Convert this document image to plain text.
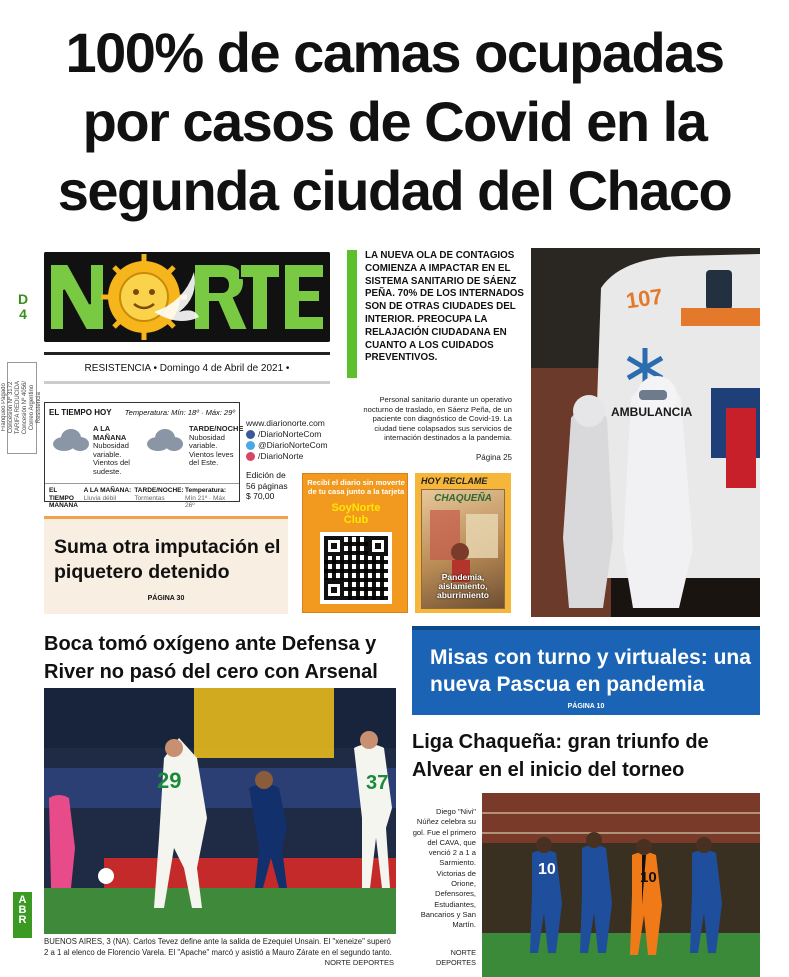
100% de camas ocupadas por casos de Covid en la segunda ciudad del Chaco
D
4
Franqueo Pagado
Concesión Nº 3172
TARIFA REDUCIDA
Concesión Nº 4056/
Correo Argentino
Resistencia
RESISTENCIA • Domingo 4 de Abril de 2021 •
EL TIEMPO HOY Temperatura: Mín: 18º · Máx: 29º
A LA MAÑANA
Nubosidad variable. Vientos del sudeste.
TARDE/NOCHE
Nubosidad variable. Vientos leves del Este.
EL TIEMPO MAÑANA
A LA MAÑANA:
Lluvia débil
TARDE/NOCHE:
Tormentas
Temperatura:
Mín 21º · Máx 26º
www.diarionorte.com
/DiarioNorteCom
@DiarioNorteCom
/DiarioNorte
Edición de
56 páginas
$ 70,00
Recibí el diario sin moverte de tu casa junto a la tarjeta
SoyNorte Club
HOY RECLAME
CHAQUEÑA
Pandemia, aislamiento, aburrimiento
Suma otra imputación el piquetero detenido
PÁGINA 30
LA NUEVA OLA DE CONTAGIOS COMIENZA A IMPACTAR EN EL SISTEMA SANITARIO DE SÁENZ PEÑA. 70% DE LOS INTERNADOS SON DE OTRAS CIUDADES DEL INTERIOR. PREOCUPA LA RELAJACIÓN CIUDADANA EN CUANTO A LOS CUIDADOS PREVENTIVOS.
Personal sanitario durante un operativo nocturno de traslado, en Sáenz Peña, de un paciente con diagnóstico de Covid-19. La ciudad tiene colapsados sus servicios de internación destinados a la pandemia.
Página 25
107
AMBULANCIA
Boca tomó oxígeno ante Defensa y River no pasó del cero con Arsenal
29	37
BUENOS AIRES, 3 (NA). Carlos Tevez define ante la salida de Ezequiel Unsain. El "xeneize" superó 2 a 1 al elenco de Florencio Varela. El "Apache" marcó y asistió a Mauro Zárate en el segundo tanto.
NORTE DEPORTES
Misas con turno y virtuales: una nueva Pascua en pandemia
PÁGINA 10
Liga Chaqueña: gran triunfo de Alvear en el inicio del torneo
Diego "Nivi" Núñez celebra su gol. Fue el primero del CAVA, que venció 2 a 1 a Sarmiento. Victorias de Orione, Defensores, Estudiantes, Bancarios y San Martín.
NORTE DEPORTES
10	10
ABR
